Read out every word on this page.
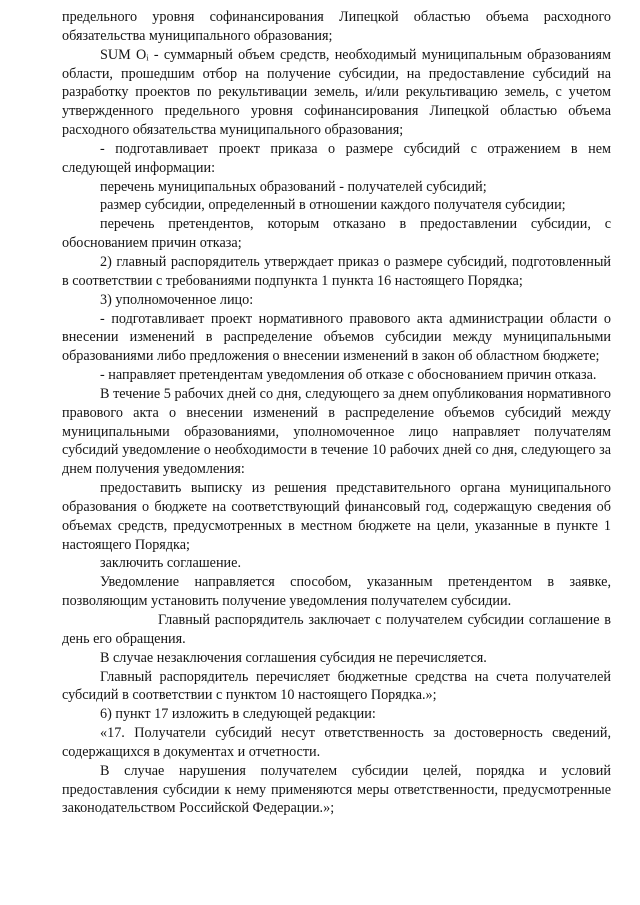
предельного уровня софинансирования Липецкой областью объема расходного обязательства муниципального образования;

SUM Oᵢ - суммарный объем средств, необходимый муниципальным образованиям области, прошедшим отбор на получение субсидии, на предоставление субсидий на разработку проектов по рекультивации земель, и/или рекультивацию земель, с учетом утвержденного предельного уровня софинансирования Липецкой областью объема расходного обязательства муниципального образования;

- подготавливает проект приказа о размере субсидий с отражением в нем следующей информации:

перечень муниципальных образований - получателей субсидий;

размер субсидии, определенный в отношении каждого получателя субсидии;

перечень претендентов, которым отказано в предоставлении субсидии, с обоснованием причин отказа;

2) главный распорядитель утверждает приказ о размере субсидий, подготовленный в соответствии с требованиями подпункта 1 пункта 16 настоящего Порядка;

3) уполномоченное лицо:

- подготавливает проект нормативного правового акта администрации области о внесении изменений в распределение объемов субсидии между муниципальными образованиями либо предложения о внесении изменений в закон об областном бюджете;

- направляет претендентам уведомления об отказе с обоснованием причин отказа.

В течение 5 рабочих дней со дня, следующего за днем опубликования нормативного правового акта о внесении изменений в распределение объемов субсидий между муниципальными образованиями, уполномоченное лицо направляет получателям субсидий уведомление о необходимости в течение 10 рабочих дней со дня, следующего за днем получения уведомления:

предоставить выписку из решения представительного органа муниципального образования о бюджете на соответствующий финансовый год, содержащую сведения об объемах средств, предусмотренных в местном бюджете на цели, указанные в пункте 1 настоящего Порядка;

заключить соглашение.

Уведомление направляется способом, указанным претендентом в заявке, позволяющим установить получение уведомления получателем субсидии.

Главный распорядитель заключает с получателем субсидии соглашение в день его обращения.

В случае незаключения соглашения субсидия не перечисляется.

Главный распорядитель перечисляет бюджетные средства на счета получателей субсидий в соответствии с пунктом 10 настоящего Порядка.»;

6) пункт 17 изложить в следующей редакции:

«17. Получатели субсидий несут ответственность за достоверность сведений, содержащихся в документах и отчетности.

В случае нарушения получателем субсидии целей, порядка и условий предоставления субсидии к нему применяются меры ответственности, предусмотренные законодательством Российской Федерации.»;
